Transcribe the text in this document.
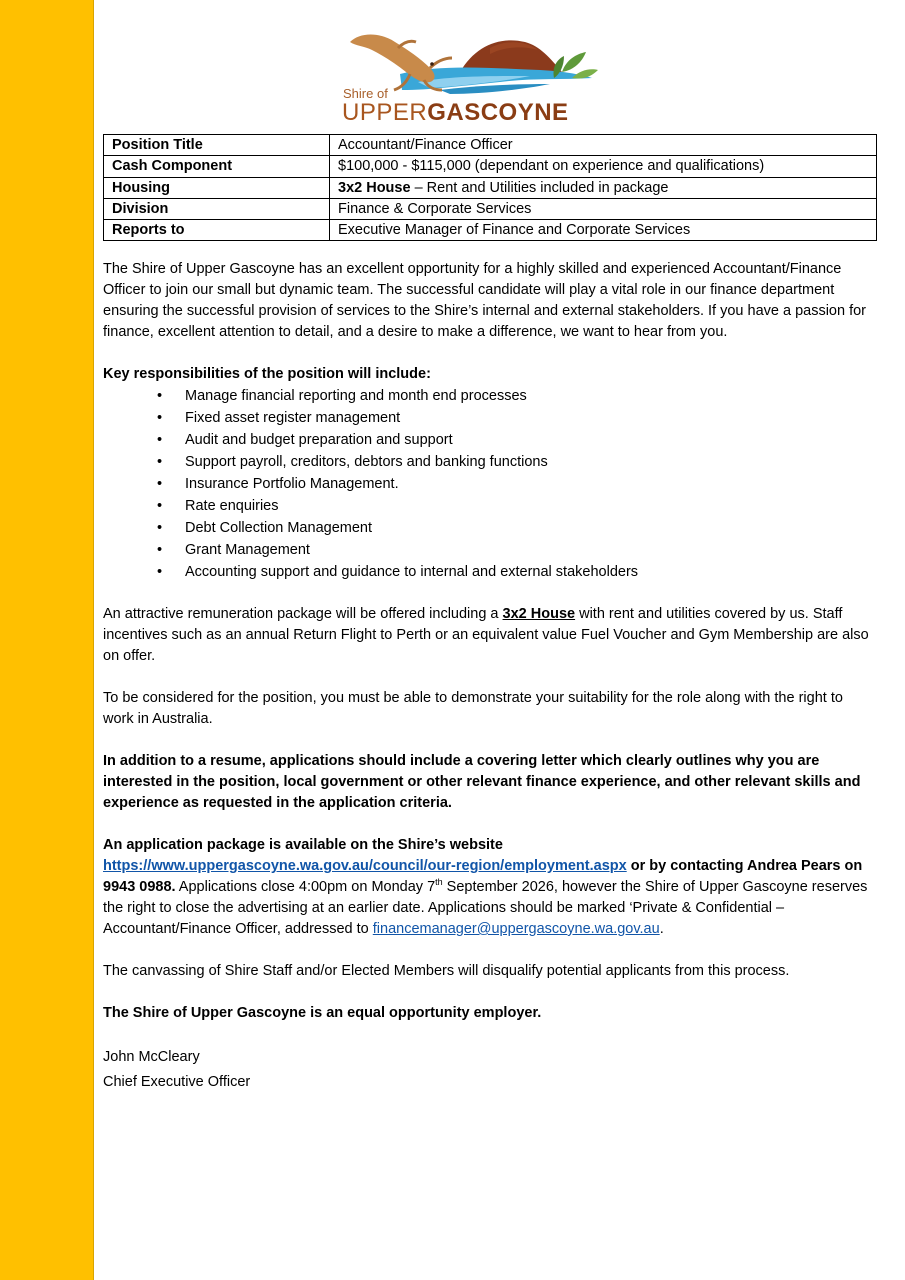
Shire of
UPPERGASCOYNE
Position Title	Accountant/Finance Officer
Cash Component	$100,000 - $115,000 (dependant on experience and qualifications)
Housing	3x2 House – Rent and Utilities included in package
Division	Finance & Corporate Services
Reports to	Executive Manager of Finance and Corporate Services

The Shire of Upper Gascoyne has an excellent opportunity for a highly skilled and experienced Accountant/Finance Officer to join our small but dynamic team. The successful candidate will play a vital role in our finance department ensuring the successful provision of services to the Shire’s internal and external stakeholders. If you have a passion for finance, excellent attention to detail, and a desire to make a difference, we want to hear from you.

Key responsibilities of the position will include:
• Manage financial reporting and month end processes
• Fixed asset register management
• Audit and budget preparation and support
• Support payroll, creditors, debtors and banking functions
• Insurance Portfolio Management.
• Rate enquiries
• Debt Collection Management
• Grant Management
• Accounting support and guidance to internal and external stakeholders

An attractive remuneration package will be offered including a 3x2 House with rent and utilities covered by us. Staff incentives such as an annual Return Flight to Perth or an equivalent value Fuel Voucher and Gym Membership are also on offer.

To be considered for the position, you must be able to demonstrate your suitability for the role along with the right to work in Australia.

In addition to a resume, applications should include a covering letter which clearly outlines why you are interested in the position, local government or other relevant finance experience, and other relevant skills and experience as requested in the application criteria.

An application package is available on the Shire’s website
https://www.uppergascoyne.wa.gov.au/council/our-region/employment.aspx or by contacting Andrea Pears on 9943 0988. Applications close 4:00pm on Monday 7th September 2026, however the Shire of Upper Gascoyne reserves the right to close the advertising at an earlier date. Applications should be marked ‘Private & Confidential – Accountant/Finance Officer, addressed to financemanager@uppergascoyne.wa.gov.au.

The canvassing of Shire Staff and/or Elected Members will disqualify potential applicants from this process.

The Shire of Upper Gascoyne is an equal opportunity employer.

John McCleary

Chief Executive Officer
